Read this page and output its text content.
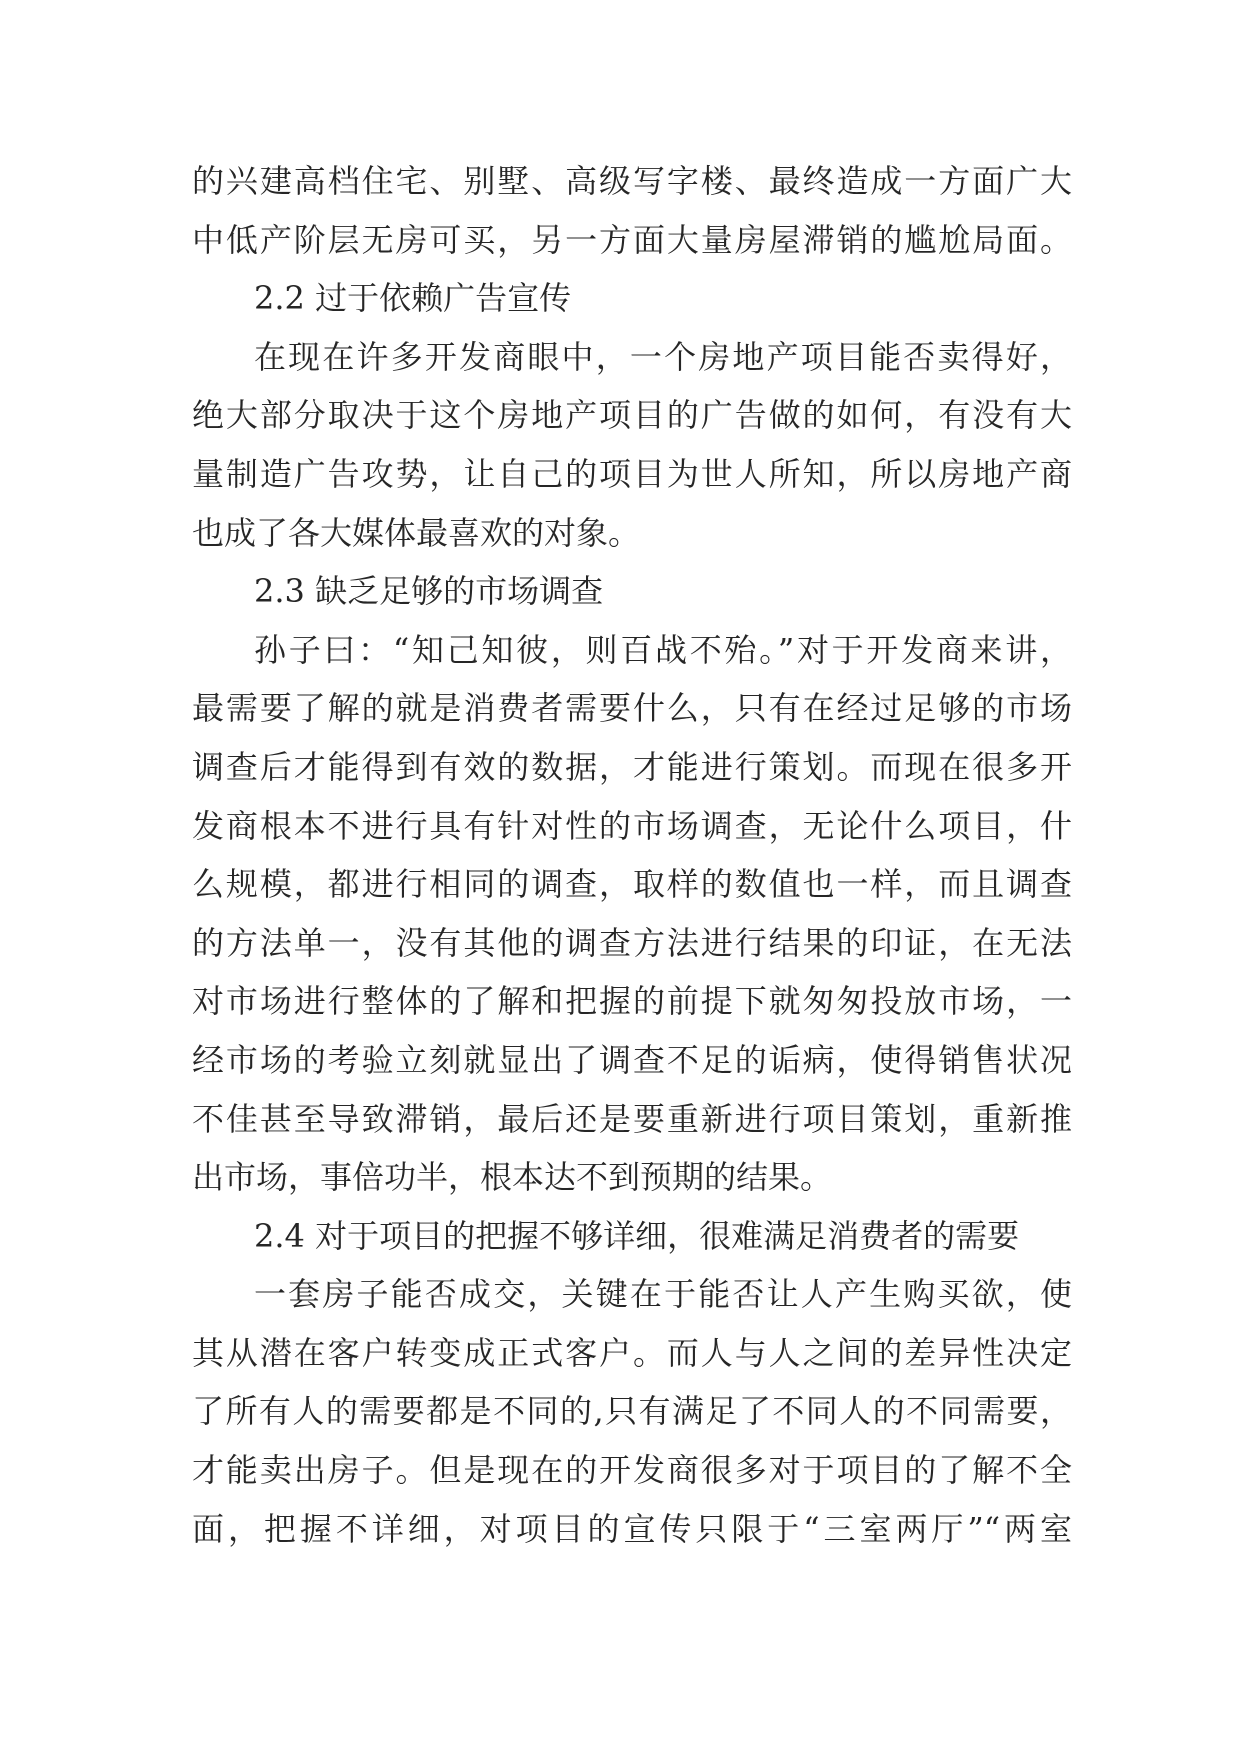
的兴建高档住宅、别墅、高级写字楼、最终造成一方面广大
中低产阶层无房可买，另一方面大量房屋滞销的尴尬局面。
2.2 过于依赖广告宣传
在现在许多开发商眼中，一个房地产项目能否卖得好，
绝大部分取决于这个房地产项目的广告做的如何，有没有大
量制造广告攻势，让自己的项目为世人所知，所以房地产商
也成了各大媒体最喜欢的对象。
2.3 缺乏足够的市场调查
孙子曰：“知己知彼，则百战不殆。”对于开发商来讲，
最需要了解的就是消费者需要什么，只有在经过足够的市场
调查后才能得到有效的数据，才能进行策划。而现在很多开
发商根本不进行具有针对性的市场调查，无论什么项目，什
么规模，都进行相同的调查，取样的数值也一样，而且调查
的方法单一，没有其他的调查方法进行结果的印证，在无法
对市场进行整体的了解和把握的前提下就匆匆投放市场，一
经市场的考验立刻就显出了调查不足的诟病，使得销售状况
不佳甚至导致滞销，最后还是要重新进行项目策划，重新推
出市场，事倍功半，根本达不到预期的结果。
2.4 对于项目的把握不够详细，很难满足消费者的需要
一套房子能否成交，关键在于能否让人产生购买欲，使
其从潜在客户转变成正式客户。而人与人之间的差异性决定
了所有人的需要都是不同的,只有满足了不同人的不同需要，
才能卖出房子。但是现在的开发商很多对于项目的了解不全
面，把握不详细，对项目的宣传只限于“三室两厅”“两室
